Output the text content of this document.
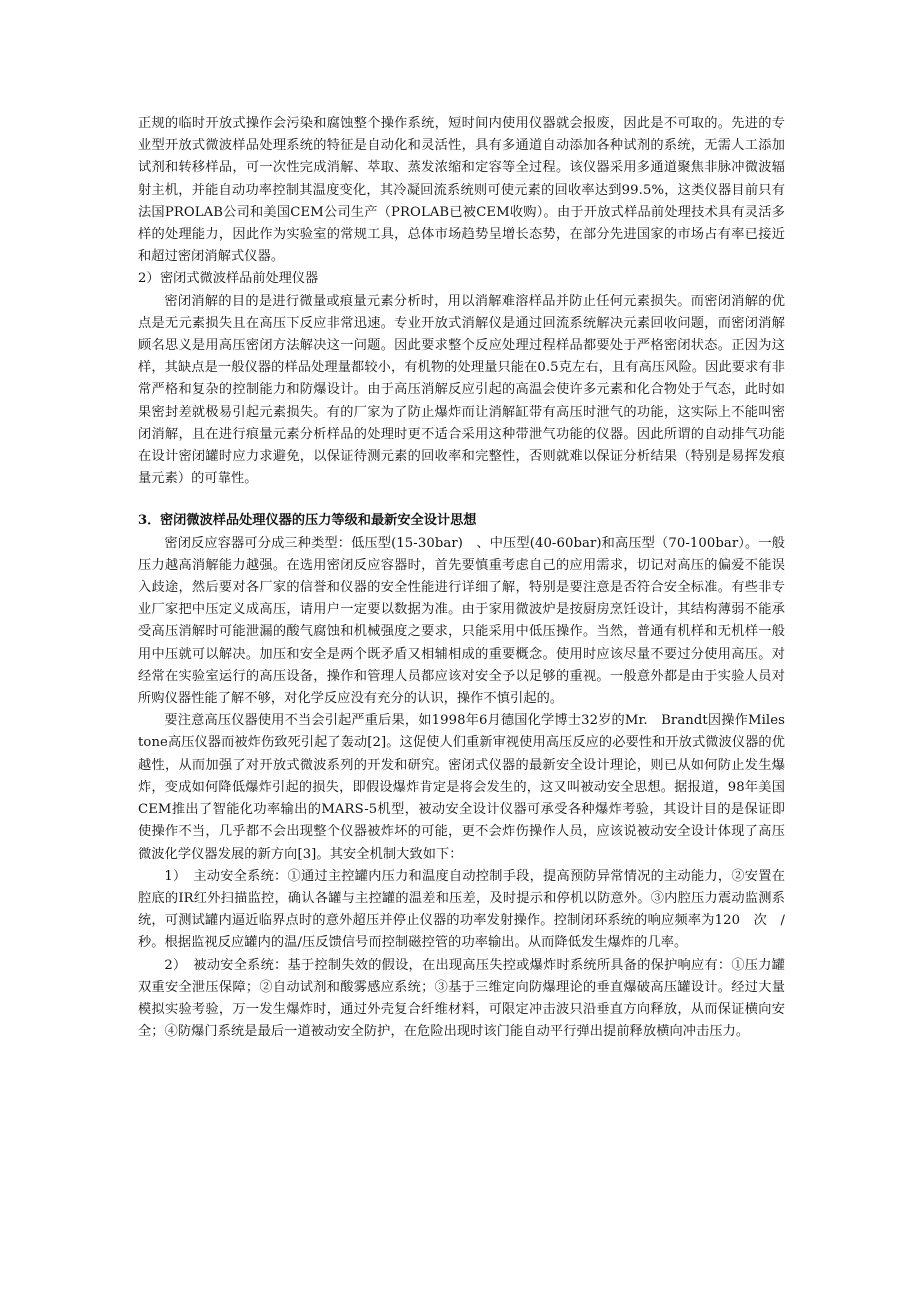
正规的临时开放式操作会污染和腐蚀整个操作系统，短时间内使用仪器就会报废，因此是不可取的。先进的专业型开放式微波样品处理系统的特征是自动化和灵活性，具有多通道自动添加各种试剂的系统，无需人工添加试剂和转移样品，可一次性完成消解、萃取、蒸发浓缩和定容等全过程。该仪器采用多通道聚焦非脉冲微波辐射主机，并能自动功率控制其温度变化，其冷凝回流系统则可使元素的回收率达到99.5%，这类仪器目前只有法国PROLAB公司和美国CEM公司生产（PROLAB已被CEM收购）。由于开放式样品前处理技术具有灵活多样的处理能力，因此作为实验室的常规工具，总体市场趋势呈增长态势，在部分先进国家的市场占有率已接近和超过密闭消解式仪器。

2）密闭式微波样品前处理仪器

密闭消解的目的是进行微量或痕量元素分析时，用以消解难溶样品并防止任何元素损失。而密闭消解的优点是无元素损失且在高压下反应非常迅速。专业开放式消解仪是通过回流系统解决元素回收问题，而密闭消解顾名思义是用高压密闭方法解决这一问题。因此要求整个反应处理过程样品都要处于严格密闭状态。正因为这样，其缺点是一般仪器的样品处理量都较小，有机物的处理量只能在0.5克左右，且有高压风险。因此要求有非常严格和复杂的控制能力和防爆设计。由于高压消解反应引起的高温会使许多元素和化合物处于气态，此时如果密封差就极易引起元素损失。有的厂家为了防止爆炸而让消解缸带有高压时泄气的功能，这实际上不能叫密闭消解，且在进行痕量元素分析样品的处理时更不适合采用这种带泄气功能的仪器。因此所谓的自动排气功能在设计密闭罐时应力求避免，以保证待测元素的回收率和完整性，否则就难以保证分析结果（特别是易挥发痕量元素）的可靠性。

3．密闭微波样品处理仪器的压力等级和最新安全设计思想

密闭反应容器可分成三种类型：低压型(15-30bar)　、中压型(40-60bar)和高压型（70-100bar）。一般压力越高消解能力越强。在选用密闭反应容器时，首先要慎重考虑自己的应用需求，切记对高压的偏爱不能误入歧途，然后要对各厂家的信誉和仪器的安全性能进行详细了解，特别是要注意是否符合安全标准。有些非专业厂家把中压定义成高压，请用户一定要以数据为准。由于家用微波炉是按厨房烹饪设计，其结构薄弱不能承受高压消解时可能泄漏的酸气腐蚀和机械强度之要求，只能采用中低压操作。当然，普通有机样和无机样一般用中压就可以解决。加压和安全是两个既矛盾又相辅相成的重要概念。使用时应该尽量不要过分使用高压。对经常在实验室运行的高压设备，操作和管理人员都应该对安全予以足够的重视。一般意外都是由于实验人员对所购仪器性能了解不够，对化学反应没有充分的认识，操作不慎引起的。

要注意高压仪器使用不当会引起严重后果，如1998年6月德国化学博士32岁的Mr.　Brandt因操作Milestone高压仪器而被炸伤致死引起了轰动[2]。这促使人们重新审视使用高压反应的必要性和开放式微波仪器的优越性，从而加强了对开放式微波系列的开发和研究。密闭式仪器的最新安全设计理论，则已从如何防止发生爆炸，变成如何降低爆炸引起的损失，即假设爆炸肯定是将会发生的，这又叫被动安全思想。据报道，98年美国CEM推出了智能化功率输出的MARS-5机型，被动安全设计仪器可承受各种爆炸考验，其设计目的是保证即使操作不当，几乎都不会出现整个仪器被炸坏的可能，更不会炸伤操作人员，应该说被动安全设计体现了高压微波化学仪器发展的新方向[3]。其安全机制大致如下：

1）　主动安全系统：①通过主控罐内压力和温度自动控制手段，提高预防异常情况的主动能力，②安置在腔底的IR红外扫描监控，确认各罐与主控罐的温差和压差，及时提示和停机以防意外。③内腔压力震动监测系统，可测试罐内逼近临界点时的意外超压并停止仪器的功率发射操作。控制闭环系统的响应频率为120　次　/　秒。根据监视反应罐内的温/压反馈信号而控制磁控管的功率输出。从而降低发生爆炸的几率。

2）　被动安全系统：基于控制失效的假设，在出现高压失控或爆炸时系统所具备的保护响应有：①压力罐双重安全泄压保障；②自动试剂和酸雾感应系统；③基于三维定向防爆理论的垂直爆破高压罐设计。经过大量模拟实验考验，万一发生爆炸时，通过外壳复合纤维材料，可限定冲击波只沿垂直方向释放，从而保证横向安全；④防爆门系统是最后一道被动安全防护，在危险出现时该门能自动平行弹出提前释放横向冲击压力。
